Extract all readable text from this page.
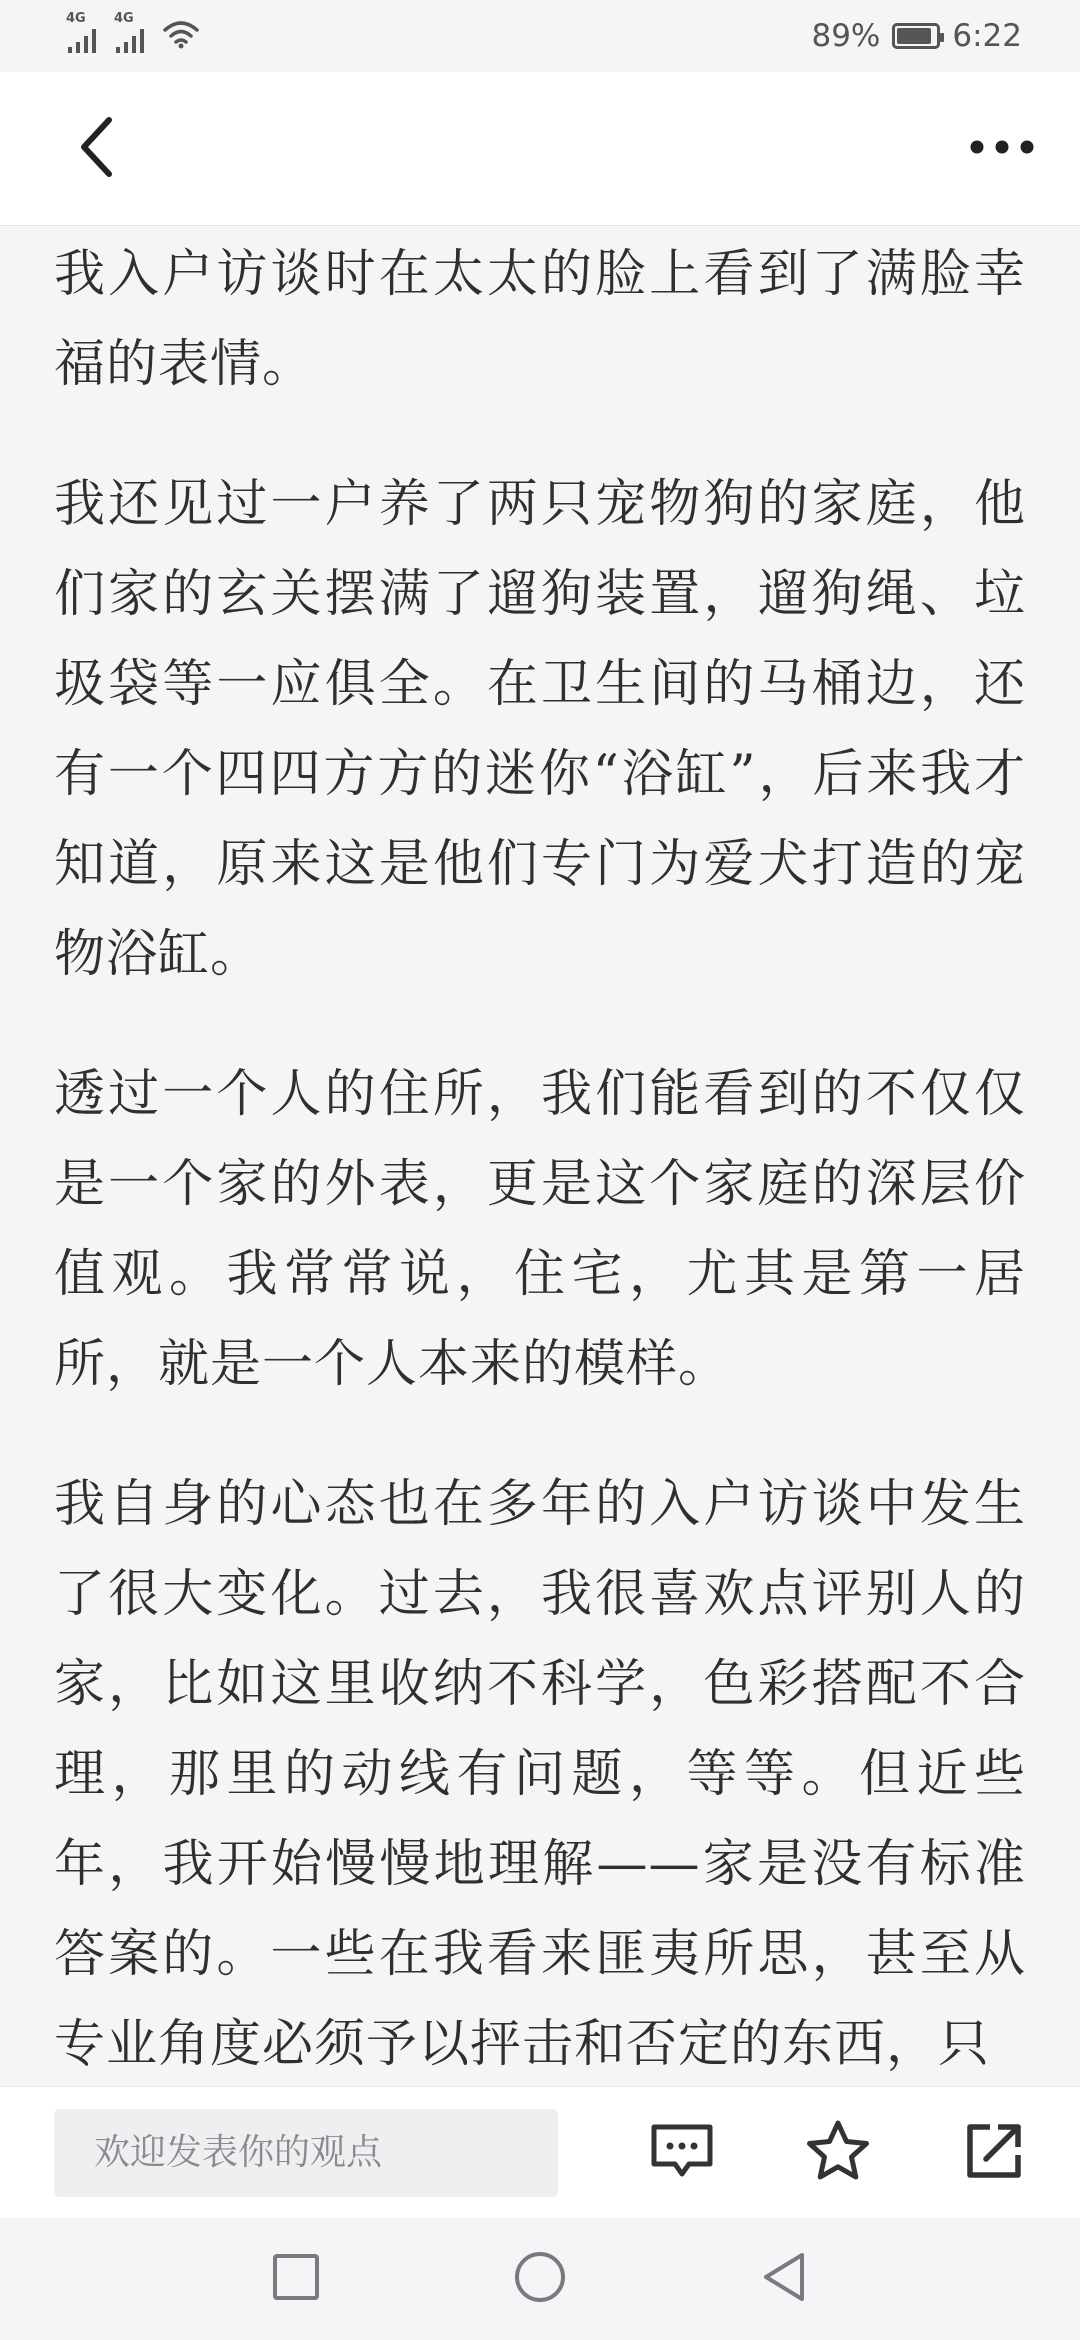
4G 4G	89% 6:22

我入户访谈时在太太的脸上看到了满脸幸福的表情。

我还见过一户养了两只宠物狗的家庭，他们家的玄关摆满了遛狗装置，遛狗绳、垃圾袋等一应俱全。在卫生间的马桶边，还有一个四四方方的迷你“浴缸”，后来我才知道，原来这是他们专门为爱犬打造的宠物浴缸。

透过一个人的住所，我们能看到的不仅仅是一个家的外表，更是这个家庭的深层价值观。我常常说，住宅，尤其是第一居所，就是一个人本来的模样。

我自身的心态也在多年的入户访谈中发生了很大变化。过去，我很喜欢点评别人的家，比如这里收纳不科学，色彩搭配不合理，那里的动线有问题，等等。但近些年，我开始慢慢地理解——家是没有标准答案的。一些在我看来匪夷所思，甚至从专业角度必须予以抨击和否定的东西，只

欢迎发表你的观点
